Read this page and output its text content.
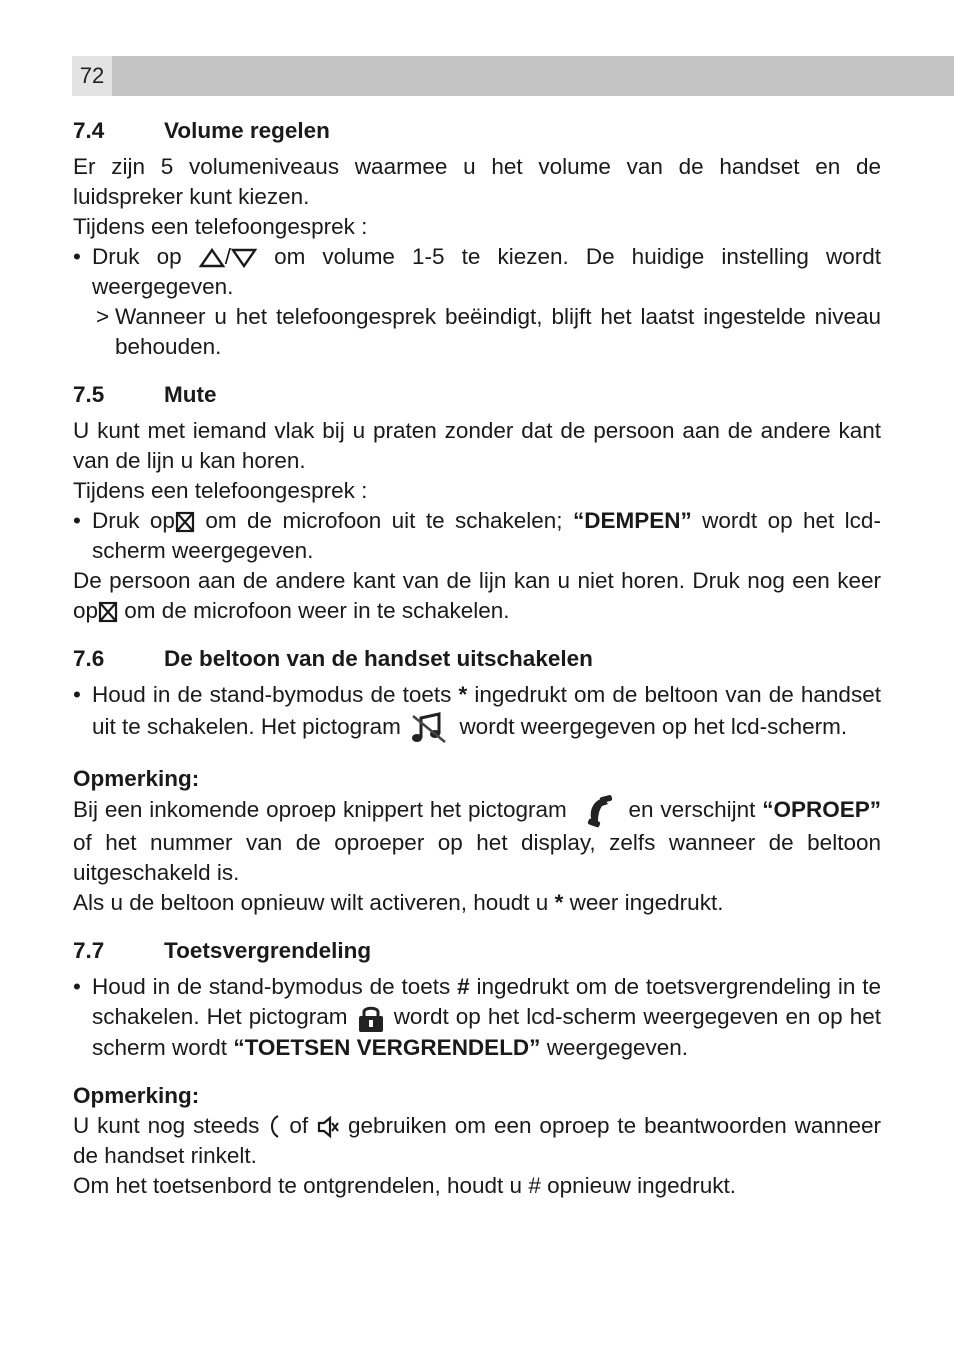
72
7.4	Volume regelen
Er zijn 5 volumeniveaus waarmee u het volume van de handset en de luidspreker kunt kiezen.
Tijdens een telefoongesprek :
• Druk op / om volume 1-5 te kiezen. De huidige instelling wordt weergegeven.
> Wanneer u het telefoongesprek beëindigt, blijft het laatst ingestelde niveau behouden.
7.5	Mute
U kunt met iemand vlak bij u praten zonder dat de persoon aan de andere kant van de lijn u kan horen.
Tijdens een telefoongesprek :
• Druk op om de microfoon uit te schakelen; “DEMPEN” wordt op het lcd-scherm weergegeven.
De persoon aan de andere kant van de lijn kan u niet horen. Druk nog een keer op om de microfoon weer in te schakelen.
7.6	De beltoon van de handset uitschakelen
• Houd in de stand-bymodus de toets * ingedrukt om de beltoon van de handset uit te schakelen. Het pictogram	wordt weergegeven op het lcd-scherm.
Opmerking:
Bij een inkomende oproep knippert het pictogram	en verschijnt “OPROEP” of het nummer van de oproeper op het display, zelfs wanneer de beltoon uitgeschakeld is.
Als u de beltoon opnieuw wilt activeren, houdt u * weer ingedrukt.
7.7	Toetsvergrendeling
• Houd in de stand-bymodus de toets # ingedrukt om de toetsvergrendeling in te schakelen. Het pictogram wordt op het lcd-scherm weergegeven en op het scherm wordt “TOETSEN VERGRENDELD” weergegeven.
Opmerking:
U kunt nog steeds of gebruiken om een oproep te beantwoorden wanneer de handset rinkelt.
Om het toetsenbord te ontgrendelen, houdt u # opnieuw ingedrukt.
